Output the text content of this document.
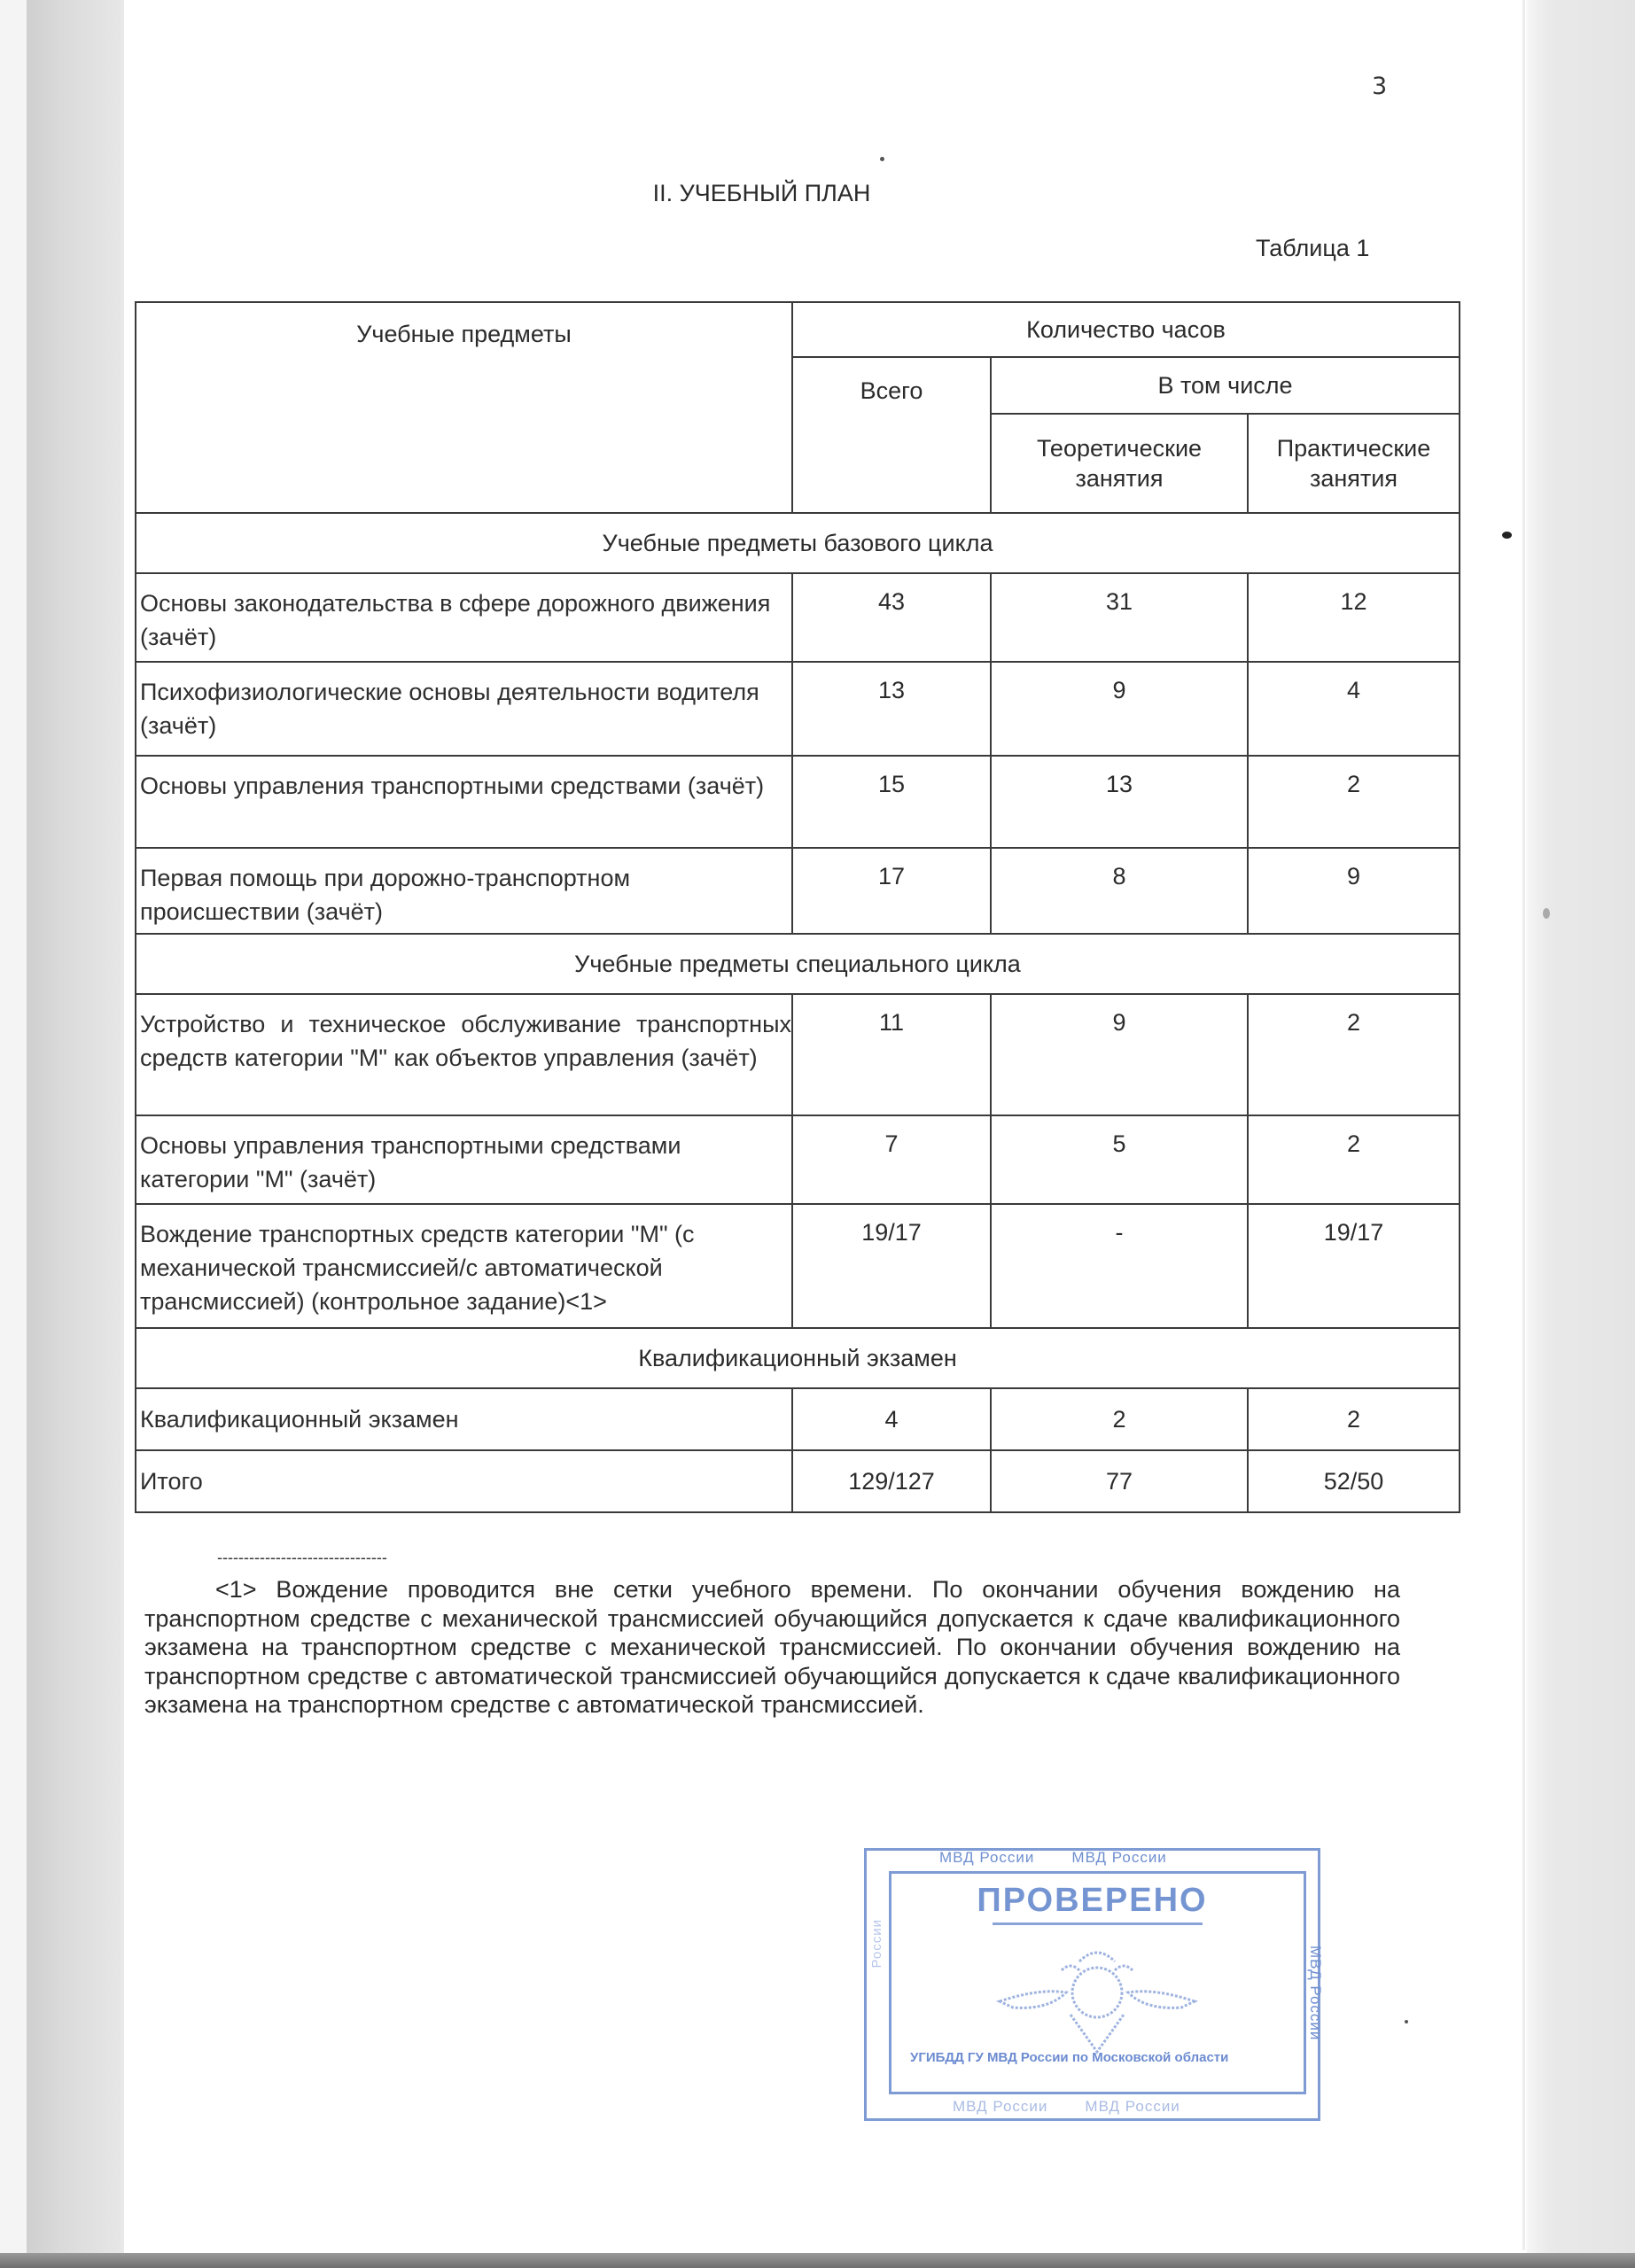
3
II. УЧЕБНЫЙ ПЛАН
Таблица 1
Учебные предметы	Количество часов		
	Всего	В том числе	
		Теоретические занятия	Практические занятия
Учебные предметы базового цикла			
Основы законодательства в сфере дорожного движения (зачёт)	43	31	12
Психофизиологические основы деятельности водителя (зачёт)	13	9	4
Основы управления транспортными средствами (зачёт)	15	13	2
Первая помощь при дорожно-транспортном происшествии (зачёт)	17	8	9
Учебные предметы специального цикла			
Устройство и техническое обслуживание транспортных средств категории "M" как объектов управления (зачёт)	11	9	2
Основы управления транспортными средствами категории "M" (зачёт)	7	5	2
Вождение транспортных средств категории "M" (с механической трансмиссией/с автоматической трансмиссией) (контрольное задание)<1>	19/17	-	19/17
Квалификационный экзамен			
Квалификационный экзамен	4	2	2
Итого	129/127	77	52/50
--------------------------------
<1> Вождение проводится вне сетки учебного времени. По окончании обучения вождению на транспортном средстве с механической трансмиссией обучающийся допускается к сдаче квалификационного экзамена на транспортном средстве с механической трансмиссией. По окончании обучения вождению на транспортном средстве с автоматической трансмиссией обучающийся допускается к сдаче квалификационного экзамена на транспортном средстве с автоматической трансмиссией.
МВД России МВД России
ПРОВЕРЕНО
УГИБДД ГУ МВД России по Московской области
МВД России
России
МВД России МВД России
